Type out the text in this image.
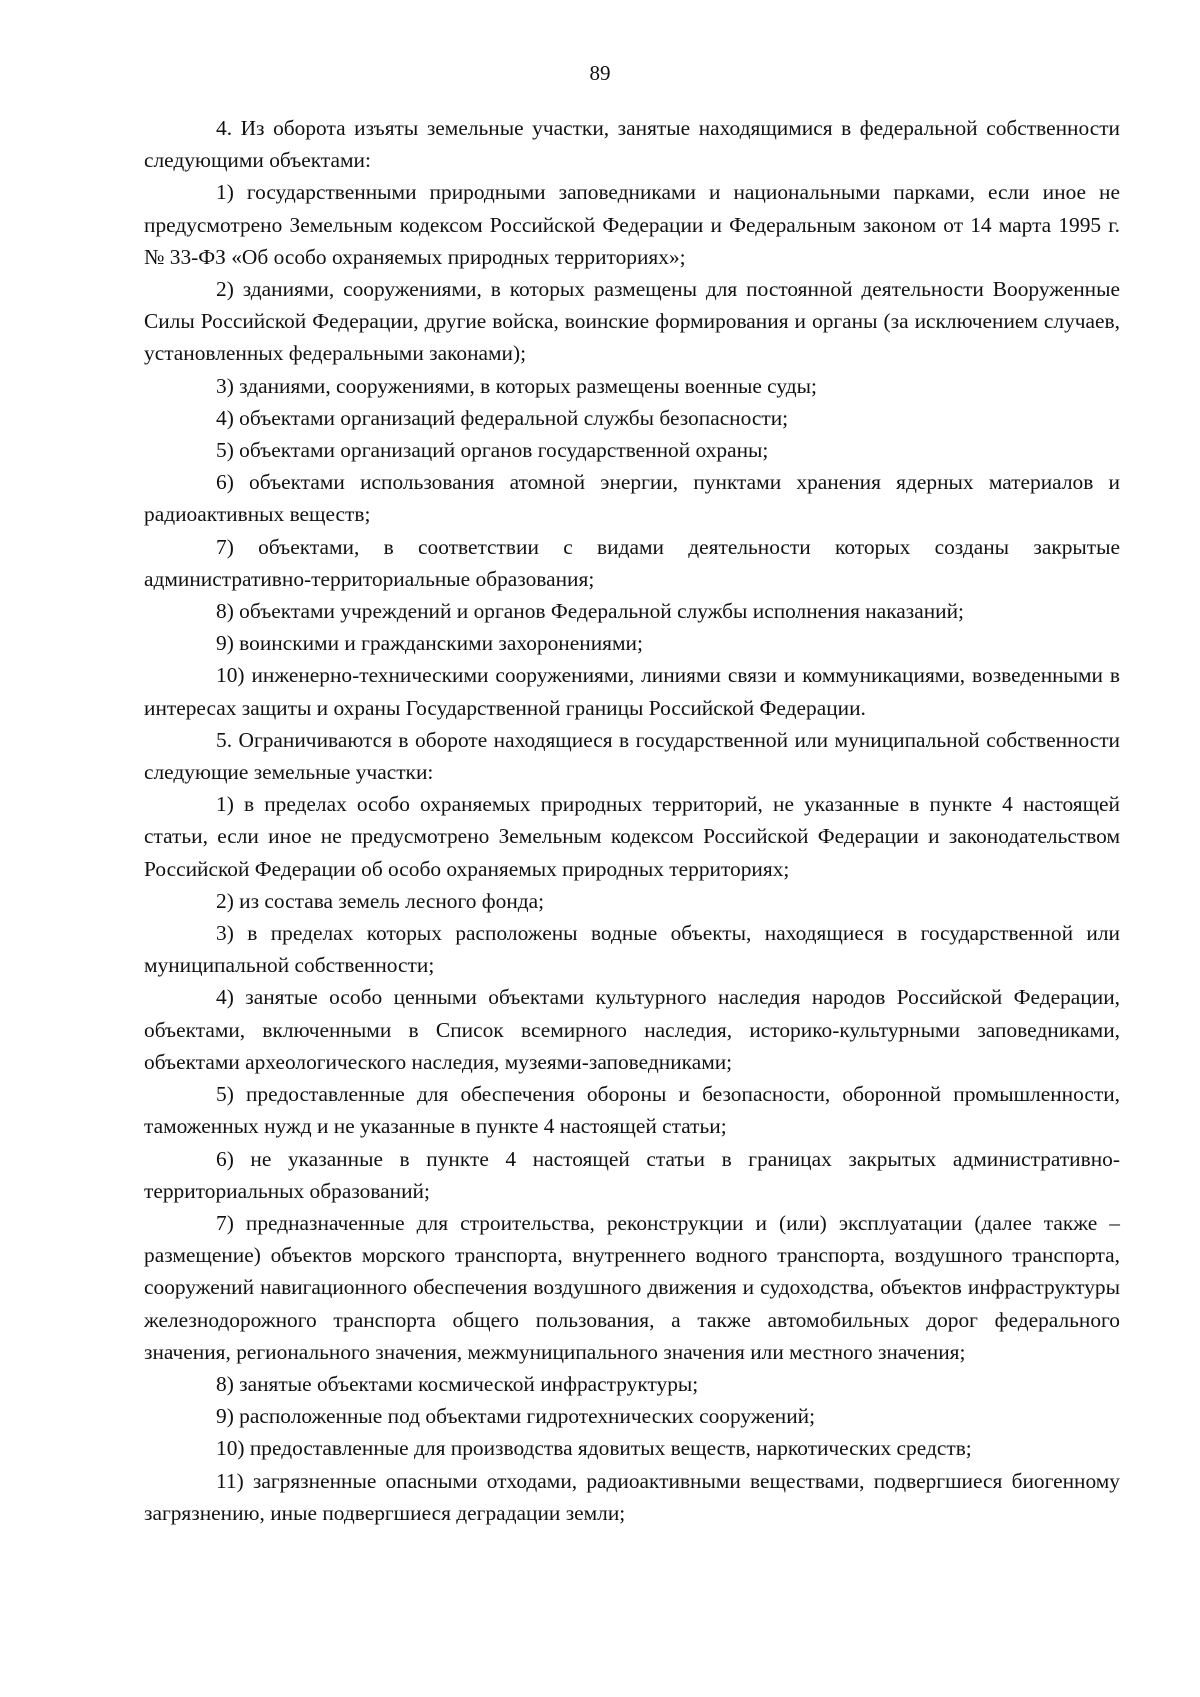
89

4. Из оборота изъяты земельные участки, занятые находящимися в федеральной собственности следующими объектами:

1) государственными природными заповедниками и национальными парками, если иное не предусмотрено Земельным кодексом Российской Федерации и Федеральным законом от 14 марта 1995 г. № 33-ФЗ «Об особо охраняемых природных территориях»;

2) зданиями, сооружениями, в которых размещены для постоянной деятельности Вооруженные Силы Российской Федерации, другие войска, воинские формирования и органы (за исключением случаев, установленных федеральными законами);

3) зданиями, сооружениями, в которых размещены военные суды;

4) объектами организаций федеральной службы безопасности;

5) объектами организаций органов государственной охраны;

6) объектами использования атомной энергии, пунктами хранения ядерных материалов и радиоактивных веществ;

7) объектами, в соответствии с видами деятельности которых созданы закрытые административно-территориальные образования;

8) объектами учреждений и органов Федеральной службы исполнения наказаний;

9) воинскими и гражданскими захоронениями;

10) инженерно-техническими сооружениями, линиями связи и коммуникациями, возведенными в интересах защиты и охраны Государственной границы Российской Федерации.

5. Ограничиваются в обороте находящиеся в государственной или муниципальной собственности следующие земельные участки:

1) в пределах особо охраняемых природных территорий, не указанные в пункте 4 настоящей статьи, если иное не предусмотрено Земельным кодексом Российской Федерации и законодательством Российской Федерации об особо охраняемых природных территориях;

2) из состава земель лесного фонда;

3) в пределах которых расположены водные объекты, находящиеся в государственной или муниципальной собственности;

4) занятые особо ценными объектами культурного наследия народов Российской Федерации, объектами, включенными в Список всемирного наследия, историко-культурными заповедниками, объектами археологического наследия, музеями-заповедниками;

5) предоставленные для обеспечения обороны и безопасности, оборонной промышленности, таможенных нужд и не указанные в пункте 4 настоящей статьи;

6) не указанные в пункте 4 настоящей статьи в границах закрытых административно-территориальных образований;

7) предназначенные для строительства, реконструкции и (или) эксплуатации (далее также – размещение) объектов морского транспорта, внутреннего водного транспорта, воздушного транспорта, сооружений навигационного обеспечения воздушного движения и судоходства, объектов инфраструктуры железнодорожного транспорта общего пользования, а также автомобильных дорог федерального значения, регионального значения, межмуниципального значения или местного значения;

8) занятые объектами космической инфраструктуры;

9) расположенные под объектами гидротехнических сооружений;

10) предоставленные для производства ядовитых веществ, наркотических средств;

11) загрязненные опасными отходами, радиоактивными веществами, подвергшиеся биогенному загрязнению, иные подвергшиеся деградации земли;
